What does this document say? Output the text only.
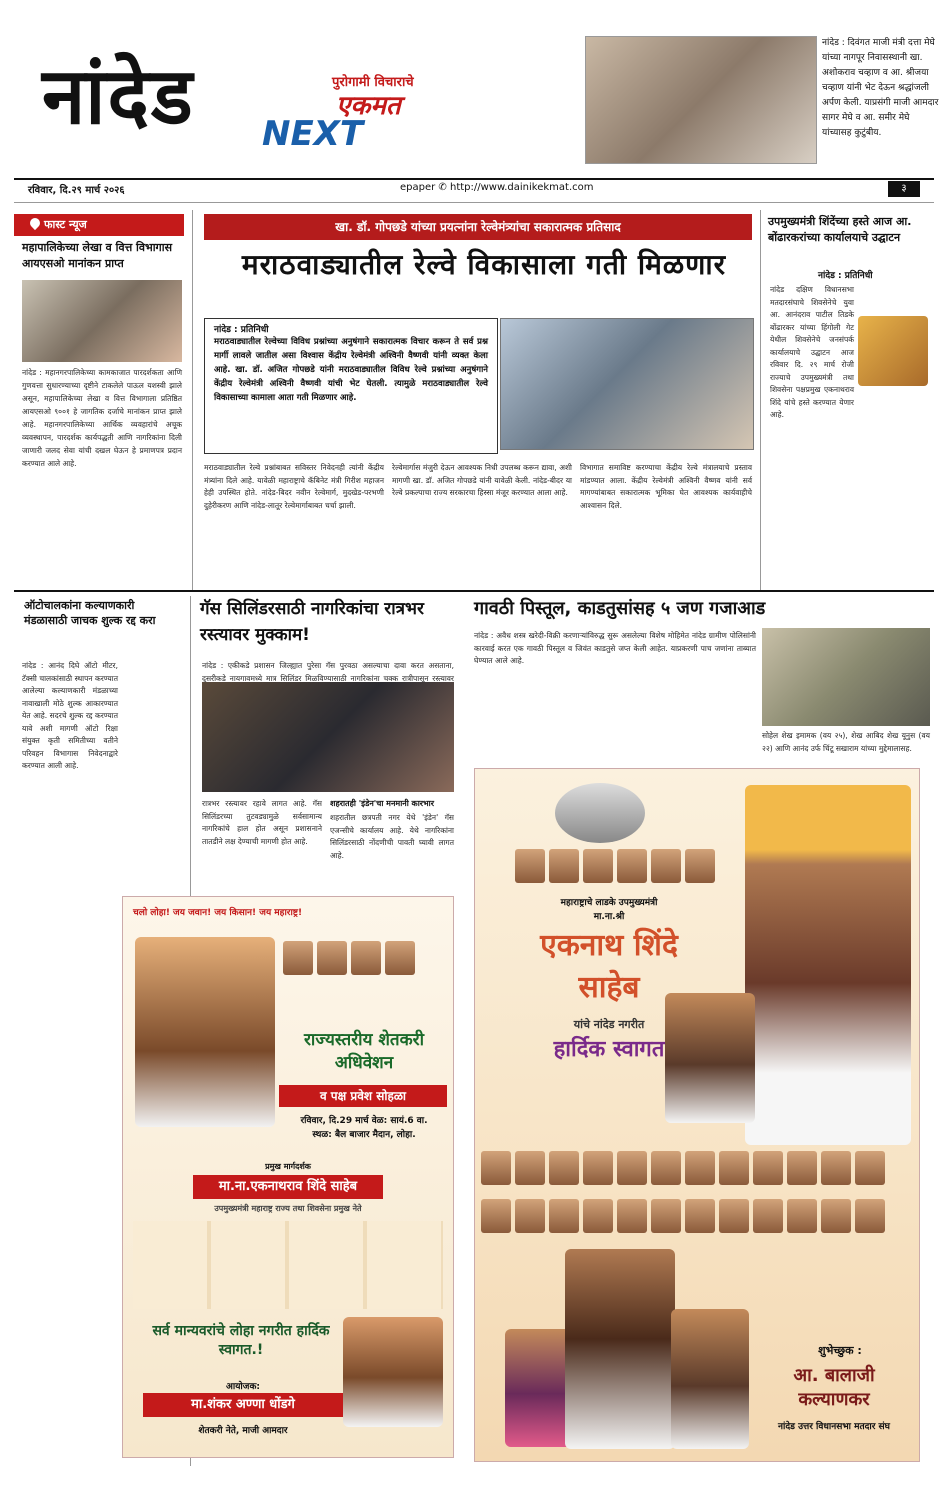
नांदेड	पुरोगामी विचाराचे
एकमत
NEXT
नांदेड : दिवंगत माजी मंत्री दत्ता मेघे यांच्या नागपूर निवासस्थानी खा. अशोकराव चव्हाण व आ. श्रीजया चव्हाण यांनी भेट देऊन श्रद्धांजली अर्पण केली. याप्रसंगी माजी आमदार सागर मेघे व आ. समीर मेघे यांच्यासह कुटुंबीय.
रविवार, दि.२९ मार्च २०२६	epaper ✆ http://www.dainikekmat.com	३
फास्ट न्यूज
महापालिकेच्या लेखा व वित्त विभागास आयएसओ मानांकन प्राप्त
नांदेड : महानगरपालिकेच्या कामकाजात पारदर्शकता आणि गुणवत्ता सुधारण्याच्या दृष्टीने टाकलेले पाऊल यशस्वी झाले असून, महापालिकेच्या लेखा व वित्त विभागाला प्रतिष्ठित आयएसओ ९००१ हे जागतिक दर्जाचे मानांकन प्राप्त झाले आहे. महानगरपालिकेच्या आर्थिक व्यवहारांचे अचूक व्यवस्थापन, पारदर्शक कार्यपद्धती आणि नागरिकांना दिली जाणारी जलद सेवा यांची दखल घेऊन हे प्रमाणपत्र प्रदान करण्यात आले आहे.
खा. डॉ. गोपछडे यांच्या प्रयत्नांना रेल्वेमंत्र्यांचा सकारात्मक प्रतिसाद
मराठवाड्यातील रेल्वे विकासाला गती मिळणार
नांदेड : प्रतिनिधी
मराठवाड्यातील रेल्वेच्या विविध प्रश्नांच्या अनुषंगाने सकारात्मक विचार करून ते सर्व प्रश्न मार्गी लावले जातील असा विश्वास केंद्रीय रेल्वेमंत्री अश्विनी वैष्णवी यांनी व्यक्त केला आहे. खा. डॉ. अजित गोपछडे यांनी मराठवाड्यातील विविध रेल्वे प्रश्नांच्या अनुषंगाने केंद्रीय रेल्वेमंत्री अश्विनी वैष्णवी यांची भेट घेतली. त्यामुळे मराठवाड्यातील रेल्वे विकासाच्या कामाला आता गती मिळणार आहे.
मराठवाड्यातील रेल्वे प्रश्नांबाबत सविस्तर निवेदनही त्यांनी केंद्रीय मंत्र्यांना दिले आहे. यावेळी महाराष्ट्राचे कॅबिनेट मंत्री गिरीश महाजन हेही उपस्थित होते. नांदेड-बिदर नवीन रेल्वेमार्ग, मुदखेड-परभणी दुहेरीकरण आणि नांदेड-लातूर रेल्वेमार्गाबाबत चर्चा झाली.
रेल्वेमार्गास मंजुरी देऊन आवश्यक निधी उपलब्ध करून द्यावा, अशी मागणी खा. डॉ. अजित गोपछडे यांनी यावेळी केली. नांदेड-बीदर या रेल्वे प्रकल्पाचा राज्य सरकारचा हिस्सा मंजूर करण्यात आला आहे.
विभागात समाविष्ट करण्याचा केंद्रीय रेल्वे मंत्रालयाचे प्रस्ताव मांडण्यात आला. केंद्रीय रेल्वेमंत्री अश्विनी वैष्णव यांनी सर्व मागण्यांबाबत सकारात्मक भूमिका घेत आवश्यक कार्यवाहीचे आश्वासन दिले.
उपमुख्यमंत्री शिंदेंच्या हस्ते आज आ. बोंढारकरांच्या कार्यालयाचे उद्घाटन
नांदेड : प्रतिनिधी
नांदेड दक्षिण विधानसभा मतदारसंघाचे शिवसेनेचे युवा आ. आनंदराव पाटील तिडके बोंढारकर यांच्या हिंगोली गेट येथील शिवसेनेचे जनसंपर्क कार्यालयाचे उद्घाटन आज रविवार दि. २९ मार्च रोजी राज्याचे उपमुख्यमंत्री तथा शिवसेना पक्षप्रमुख एकनाथराव शिंदे यांचे हस्ते करण्यात येणार आहे.
ऑटोचालकांना कल्याणकारी मंडळासाठी जाचक शुल्क रद्द करा
नांदेड : आनंद दिघे ऑटो मीटर, टॅक्सी चालकांसाठी स्थापन करण्यात आलेल्या कल्याणकारी मंडळाच्या नावाखाली मोठे शुल्क आकारण्यात येत आहे. सदरचे शुल्क रद्द करण्यात यावे अशी मागणी ऑटो रिक्षा संयुक्त कृती समितीच्या वतीने परिवहन विभागास निवेदनाद्वारे करण्यात आली आहे.
गॅस सिलिंडरसाठी नागरिकांचा रात्रभर रस्त्यावर मुक्काम!
नांदेड : एकीकडे प्रशासन जिल्ह्यात पुरेसा गॅस पुरवठा असल्याचा दावा करत असताना, दुसरीकडे नायगावमध्ये मात्र सिलिंडर मिळविण्यासाठी नागरिकांना चक्क रात्रीपासून रस्त्यावर
रात्रभर रस्त्यावर रहावे लागत आहे. गॅस सिलिंडरच्या तुटवड्यामुळे सर्वसामान्य नागरिकांचे हाल होत असून प्रशासनाने तातडीने लक्ष देण्याची मागणी होत आहे.
शहरातही 'इंडेन'चा मनमानी कारभार
शहरातील छत्रपती नगर येथे 'इंडेन' गॅस एजन्सीचे कार्यालय आहे. येथे नागरिकांना सिलिंडरसाठी नोंदणीची पावती घ्यावी लागत आहे.
गावठी पिस्तूल, काडतुसांसह ५ जण गजाआड
नांदेड : अवैध शस्त्र खरेदी-विक्री करणाऱ्यांविरुद्ध सुरू असलेल्या विशेष मोहिमेत नांदेड ग्रामीण पोलिसांनी कारवाई करत एक गावठी पिस्तूल व जिवंत काडतुसे जप्त केली आहेत. याप्रकरणी पाच जणांना ताब्यात घेण्यात आले आहे.
सोहेल शेख इमामक (वय २५), शेख आबिद शेख यूनुस (वय २२) आणि आनंद उर्फ चिंटू सखाराम यांच्या मुद्देमालासह.
चलो लोहा! जय जवान! जय किसान! जय महाराष्ट्र!
राज्यस्तरीय शेतकरी अधिवेशन
व पक्ष प्रवेश सोहळा
रविवार, दि.29 मार्च वेळ: सायं.6 वा.
स्थळ: बैल बाजार मैदान, लोहा.
प्रमुख मार्गदर्शक
मा.ना.एकनाथराव शिंदे साहेब
उपमुख्यमंत्री महाराष्ट्र राज्य तथा शिवसेना प्रमुख नेते
सर्व मान्यवरांचे लोहा नगरीत हार्दिक स्वागत.!
आयोजक:
मा.शंकर अण्णा धोंडगे
शेतकरी नेते, माजी आमदार
महाराष्ट्राचे लाडके उपमुख्यमंत्री
मा.ना.श्री
एकनाथ शिंदे
साहेब
यांचे नांदेड नगरीत
हार्दिक स्वागत
शुभेच्छुक :
आ. बालाजी कल्याणकर
नांदेड उत्तर विधानसभा मतदार संघ
